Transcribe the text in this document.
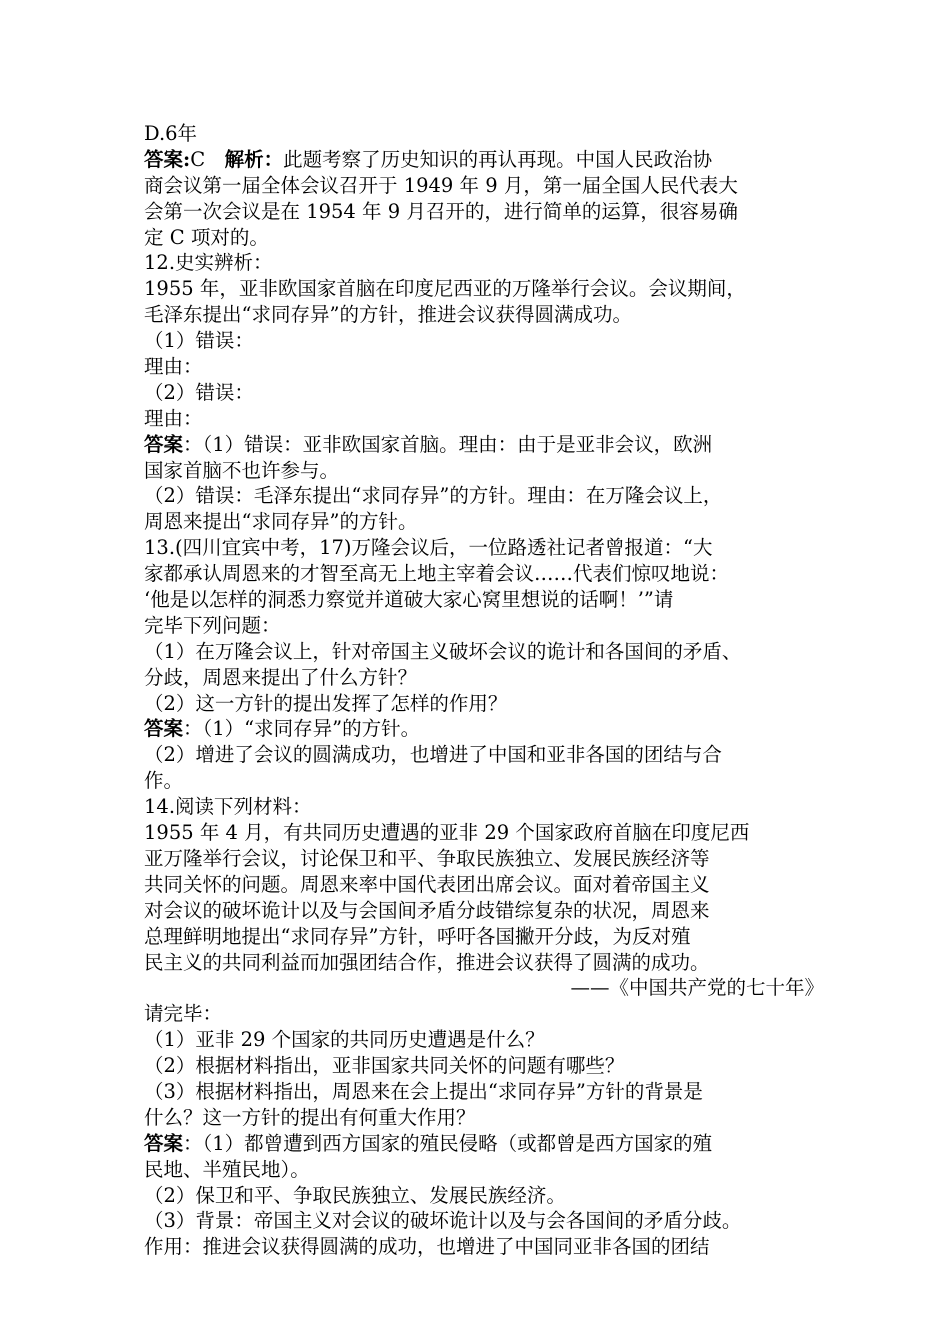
D.6年
答案:C　解析：此题考察了历史知识的再认再现。中国人民政治协
商会议第一届全体会议召开于 1949 年 9 月，第一届全国人民代表大
会第一次会议是在 1954 年 9 月召开的，进行简单的运算，很容易确
定 C 项对的。
12.史实辨析：
1955 年，亚非欧国家首脑在印度尼西亚的万隆举行会议。会议期间，
毛泽东提出“求同存异”的方针，推进会议获得圆满成功。
（1）错误：
理由：
（2）错误：
理由：
答案：（1）错误：亚非欧国家首脑。理由：由于是亚非会议，欧洲
国家首脑不也许参与。
（2）错误：毛泽东提出“求同存异”的方针。理由：在万隆会议上，
周恩来提出“求同存异”的方针。
13.(四川宜宾中考，17)万隆会议后，一位路透社记者曾报道：“大
家都承认周恩来的才智至高无上地主宰着会议……代表们惊叹地说：
‘他是以怎样的洞悉力察觉并道破大家心窝里想说的话啊！’”请
完毕下列问题：
（1）在万隆会议上，针对帝国主义破坏会议的诡计和各国间的矛盾、
分歧，周恩来提出了什么方针？
（2）这一方针的提出发挥了怎样的作用？
答案：（1）“求同存异”的方针。
（2）增进了会议的圆满成功，也增进了中国和亚非各国的团结与合
作。
14.阅读下列材料：
1955 年 4 月，有共同历史遭遇的亚非 29 个国家政府首脑在印度尼西
亚万隆举行会议，讨论保卫和平、争取民族独立、发展民族经济等
共同关怀的问题。周恩来率中国代表团出席会议。面对着帝国主义
对会议的破坏诡计以及与会国间矛盾分歧错综复杂的状况，周恩来
总理鲜明地提出“求同存异”方针，呼吁各国撇开分歧，为反对殖
民主义的共同利益而加强团结合作，推进会议获得了圆满的成功。
——《中国共产党的七十年》
请完毕：
（1）亚非 29 个国家的共同历史遭遇是什么？
（2）根据材料指出，亚非国家共同关怀的问题有哪些？
（3）根据材料指出，周恩来在会上提出“求同存异”方针的背景是
什么？这一方针的提出有何重大作用？
答案：（1）都曾遭到西方国家的殖民侵略（或都曾是西方国家的殖
民地、半殖民地）。
（2）保卫和平、争取民族独立、发展民族经济。
（3）背景：帝国主义对会议的破坏诡计以及与会各国间的矛盾分歧。
作用：推进会议获得圆满的成功，也增进了中国同亚非各国的团结
